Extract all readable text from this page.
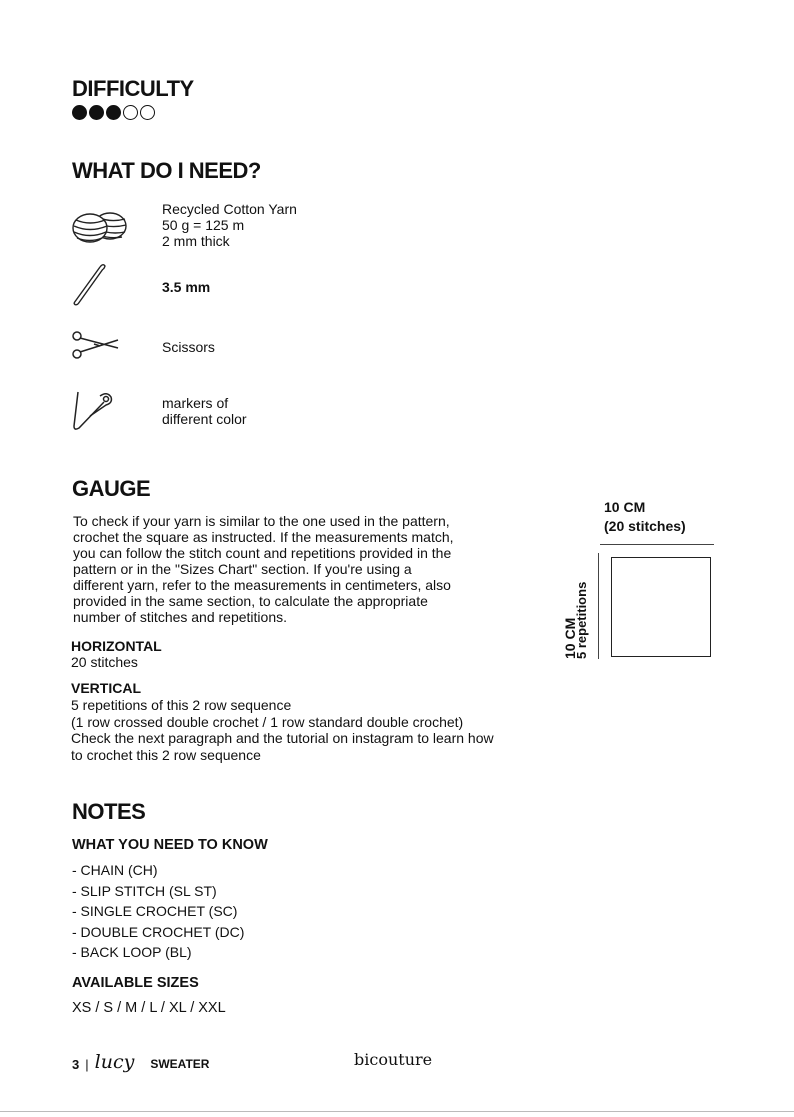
DIFFICULTY
WHAT DO I NEED?
Recycled Cotton Yarn
50 g = 125 m
2 mm thick
3.5 mm
Scissors
markers of
different color
GAUGE
To check if your yarn is similar to the one used in the pattern,
crochet the square as instructed. If the measurements match,
you can follow the stitch count and repetitions provided in the
pattern or in the "Sizes Chart" section. If you're using a
different yarn, refer to the measurements in centimeters, also
provided in the same section, to calculate the appropriate
number of stitches and repetitions.
HORIZONTAL
20 stitches
VERTICAL
5 repetitions of this 2 row sequence
(1 row crossed double crochet / 1 row standard double crochet)
Check the next paragraph and the tutorial on instagram to learn how
to crochet this 2 row sequence
10 CM
(20 stitches)
10 CM
5 repetitions
NOTES
WHAT YOU NEED TO KNOW
- CHAIN (CH)
- SLIP STITCH (SL ST)
- SINGLE CROCHET (SC)
- DOUBLE CROCHET (DC)
- BACK LOOP (BL)
AVAILABLE SIZES
XS / S / M / L / XL / XXL
3 | lucy SWEATER	bicouture
